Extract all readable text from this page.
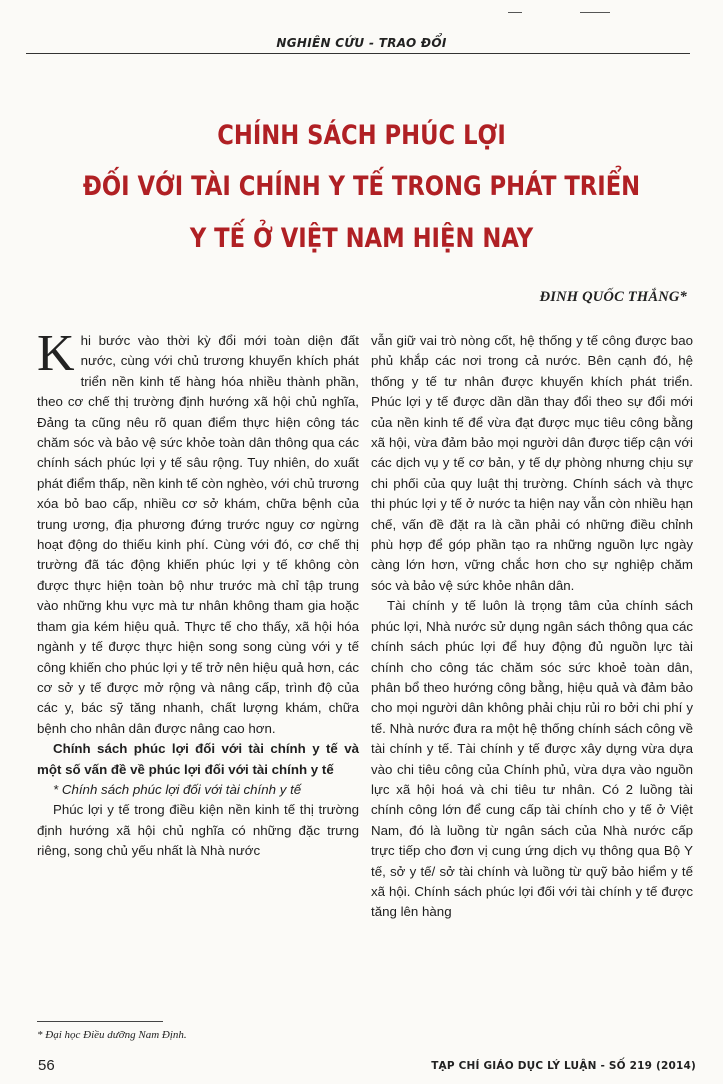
NGHIÊN CỨU - TRAO ĐỔI
CHÍNH SÁCH PHÚC LỢI
ĐỐI VỚI TÀI CHÍNH Y TẾ TRONG PHÁT TRIỂN
Y TẾ Ở VIỆT NAM HIỆN NAY
ĐINH QUỐC THẮNG*

Khi bước vào thời kỳ đổi mới toàn diện đất nước, cùng với chủ trương khuyến khích phát triển nền kinh tế hàng hóa nhiều thành phần, theo cơ chế thị trường định hướng xã hội chủ nghĩa, Đảng ta cũng nêu rõ quan điểm thực hiện công tác chăm sóc và bảo vệ sức khỏe toàn dân thông qua các chính sách phúc lợi y tế sâu rộng. Tuy nhiên, do xuất phát điểm thấp, nền kinh tế còn nghèo, với chủ trương xóa bỏ bao cấp, nhiều cơ sở khám, chữa bệnh của trung ương, địa phương đứng trước nguy cơ ngừng hoạt động do thiếu kinh phí. Cùng với đó, cơ chế thị trường đã tác động khiến phúc lợi y tế không còn được thực hiện toàn bộ như trước mà chỉ tập trung vào những khu vực mà tư nhân không tham gia hoặc tham gia kém hiệu quả. Thực tế cho thấy, xã hội hóa ngành y tế được thực hiện song song cùng với y tế công khiến cho phúc lợi y tế trở nên hiệu quả hơn, các cơ sở y tế được mở rộng và nâng cấp, trình độ của các y, bác sỹ tăng nhanh, chất lượng khám, chữa bệnh cho nhân dân được nâng cao hơn.

Chính sách phúc lợi đối với tài chính y tế và một số vấn đề về phúc lợi đối với tài chính y tế

* Chính sách phúc lợi đối với tài chính y tế

Phúc lợi y tế trong điều kiện nền kinh tế thị trường định hướng xã hội chủ nghĩa có những đặc trưng riêng, song chủ yếu nhất là Nhà nước

vẫn giữ vai trò nòng cốt, hệ thống y tế công được bao phủ khắp các nơi trong cả nước. Bên cạnh đó, hệ thống y tế tư nhân được khuyến khích phát triển. Phúc lợi y tế được dần dần thay đổi theo sự đổi mới của nền kinh tế để vừa đạt được mục tiêu công bằng xã hội, vừa đảm bảo mọi người dân được tiếp cận với các dịch vụ y tế cơ bản, y tế dự phòng nhưng chịu sự chi phối của quy luật thị trường. Chính sách và thực thi phúc lợi y tế ở nước ta hiện nay vẫn còn nhiều hạn chế, vấn đề đặt ra là cần phải có những điều chỉnh phù hợp để góp phần tạo ra những nguồn lực ngày càng lớn hơn, vững chắc hơn cho sự nghiệp chăm sóc và bảo vệ sức khỏe nhân dân.

Tài chính y tế luôn là trọng tâm của chính sách phúc lợi, Nhà nước sử dụng ngân sách thông qua các chính sách phúc lợi để huy động đủ nguồn lực tài chính cho công tác chăm sóc sức khoẻ toàn dân, phân bổ theo hướng công bằng, hiệu quả và đảm bảo cho mọi người dân không phải chịu rủi ro bởi chi phí y tế. Nhà nước đưa ra một hệ thống chính sách công về tài chính y tế. Tài chính y tế được xây dựng vừa dựa vào chi tiêu công của Chính phủ, vừa dựa vào nguồn lực xã hội hoá và chi tiêu tư nhân. Có 2 luồng tài chính công lớn để cung cấp tài chính cho y tế ở Việt Nam, đó là luồng từ ngân sách của Nhà nước cấp trực tiếp cho đơn vị cung ứng dịch vụ thông qua Bộ Y tế, sở y tế/ sở tài chính và luồng từ quỹ bảo hiểm y tế xã hội. Chính sách phúc lợi đối với tài chính y tế được tăng lên hàng

* Đại học Điều dưỡng Nam Định.
56	TẠP CHÍ GIÁO DỤC LÝ LUẬN - SỐ 219 (2014)
